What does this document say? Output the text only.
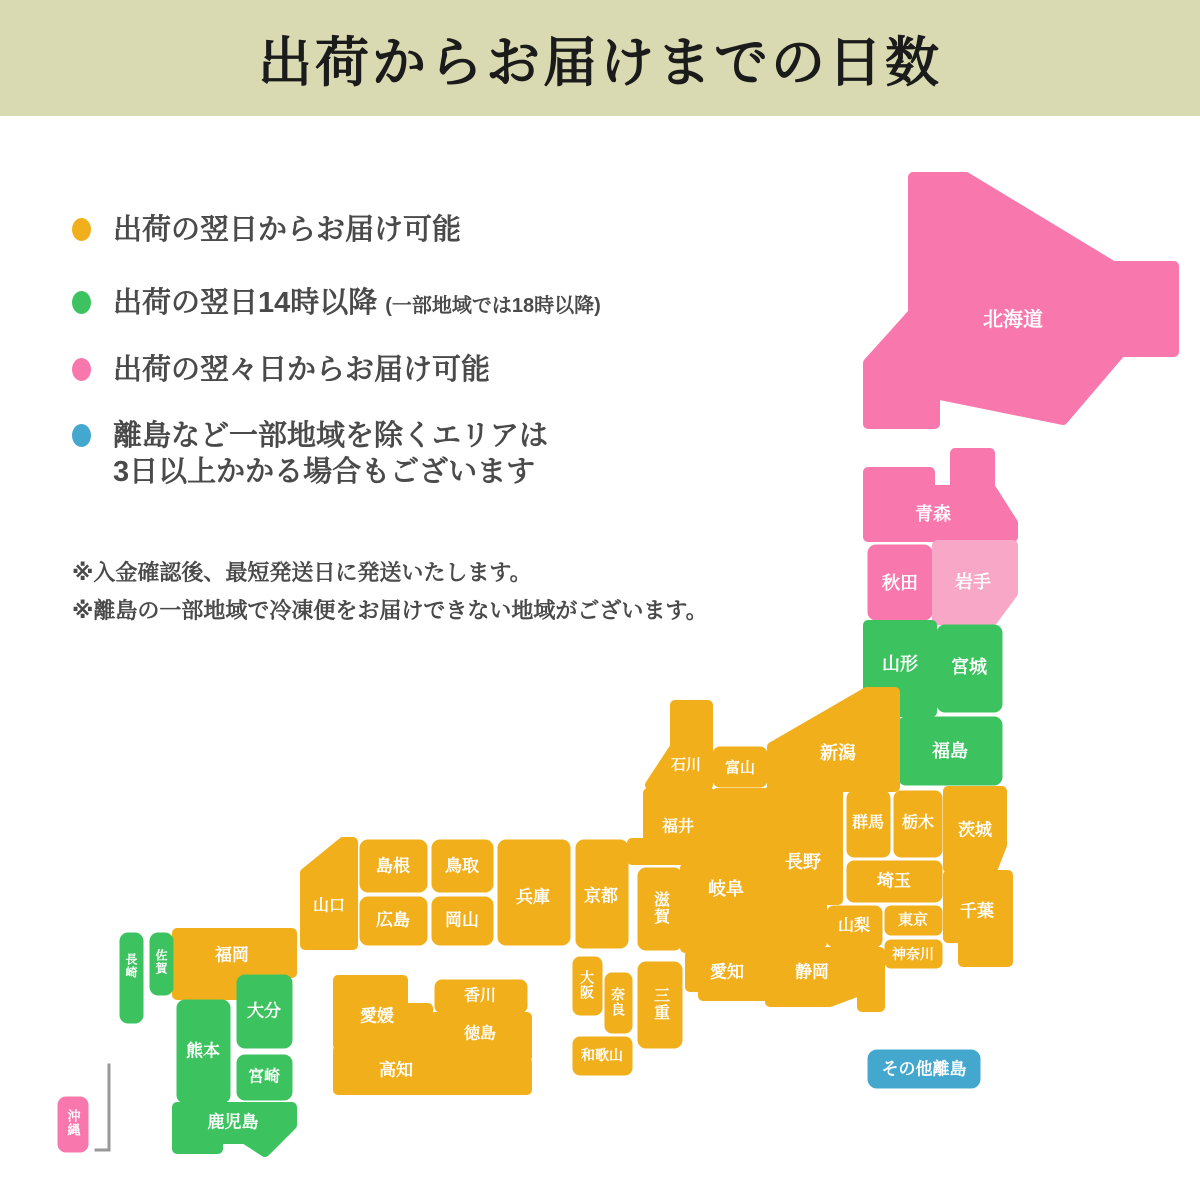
出荷からお届けまでの日数
出荷の翌日からお届け可能
出荷の翌日14時以降 (一部地域では18時以降)
出荷の翌々日からお届け可能
離島など一部地域を除くエリアは
3日以上かかる場合もございます

※入金確認後、最短発送日に発送いたします。

※離島の一部地域で冷凍便をお届けできない地域がございます。

北海道
青森
秋田 岩手
山形 宮城
福島
新潟
石川 富山
群馬 栃木 茨城
長野
埼玉
山梨 東京
神奈川
千葉
福井
岐阜
滋賀
京都
兵庫
島根 鳥取
広島 岡山
山口
大阪
奈良 三重
和歌山
愛知	静岡
香川
徳島
愛媛
高知
福岡
佐賀
長崎
大分
熊本
宮崎
鹿児島
沖縄
その他離島
